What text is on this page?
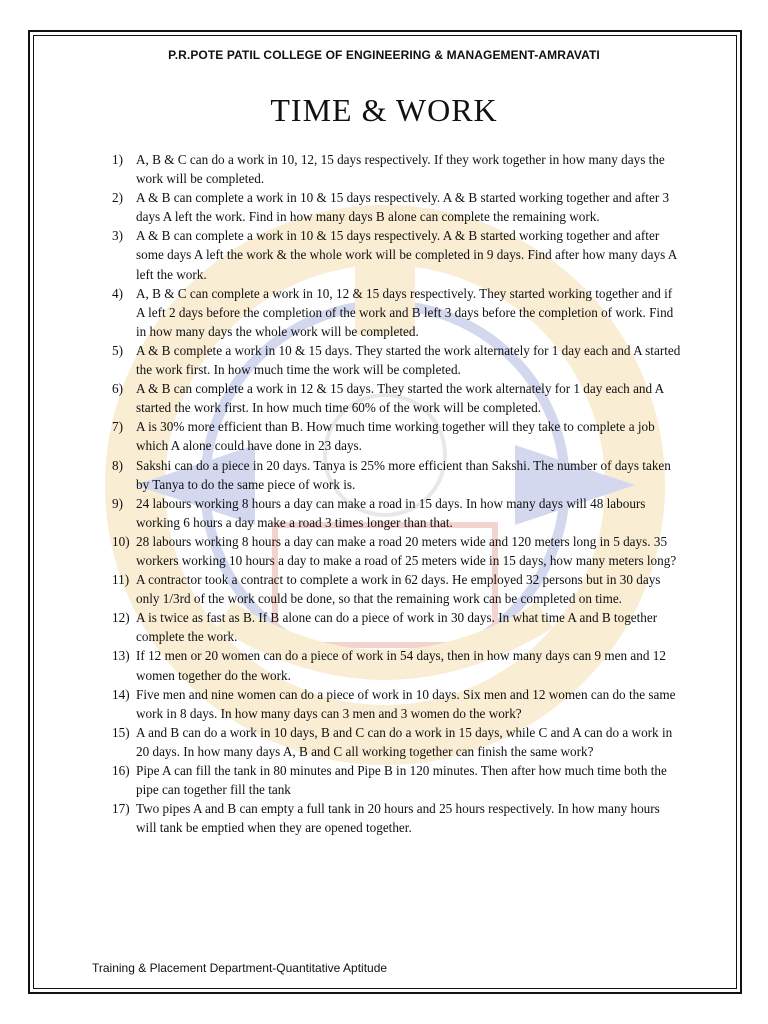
P.R.POTE PATIL COLLEGE OF ENGINEERING & MANAGEMENT-AMRAVATI
TIME & WORK
1) A, B & C can do a work in 10, 12, 15 days respectively. If they work together in how many days the work will be completed.
2) A & B can complete a work in 10 & 15 days respectively. A & B started working together and after 3 days A left the work. Find in how many days B alone can complete the remaining work.
3) A & B can complete a work in 10 & 15 days respectively. A & B started working together and after some days A left the work & the whole work will be completed in 9 days. Find after how many days A left the work.
4) A, B & C can complete a work in 10, 12 & 15 days respectively. They started working together and if A left 2 days before the completion of the work and B left 3 days before the completion of work. Find in how many days the whole work will be completed.
5) A & B complete a work in 10 & 15 days. They started the work alternately for 1 day each and A started the work first. In how much time the work will be completed.
6) A & B can complete a work in 12 & 15 days. They started the work alternately for 1 day each and A started the work first. In how much time 60% of the work will be completed.
7) A is 30% more efficient than B. How much time working together will they take to complete a job which A alone could have done in 23 days.
8) Sakshi can do a piece in 20 days. Tanya is 25% more efficient than Sakshi. The number of days taken by Tanya to do the same piece of work is.
9) 24 labours working 8 hours a day can make a road in 15 days. In how many days will 48 labours working 6 hours a day make a road 3 times longer than that.
10) 28 labours working 8 hours a day can make a road 20 meters wide and 120 meters long in 5 days. 35 workers working 10 hours a day to make a road of 25 meters wide in 15 days, how many meters long?
11) A contractor took a contract to complete a work in 62 days. He employed 32 persons but in 30 days only 1/3rd of the work could be done, so that the remaining work can be completed on time.
12) A is twice as fast as B. If B alone can do a piece of work in 30 days. In what time A and B together complete the work.
13) If 12 men or 20 women can do a piece of work in 54 days, then in how many days can 9 men and 12 women together do the work.
14) Five men and nine women can do a piece of work in 10 days. Six men and 12 women can do the same work in 8 days. In how many days can 3 men and 3 women do the work?
15) A and B can do a work in 10 days, B and C can do a work in 15 days, while C and A can do a work in 20 days. In how many days A, B and C all working together can finish the same work?
16) Pipe A can fill the tank in 80 minutes and Pipe B in 120 minutes. Then after how much time both the pipe can together fill the tank
17) Two pipes A and B can empty a full tank in 20 hours and 25 hours respectively. In how many hours will tank be emptied when they are opened together.
Training & Placement Department-Quantitative Aptitude
